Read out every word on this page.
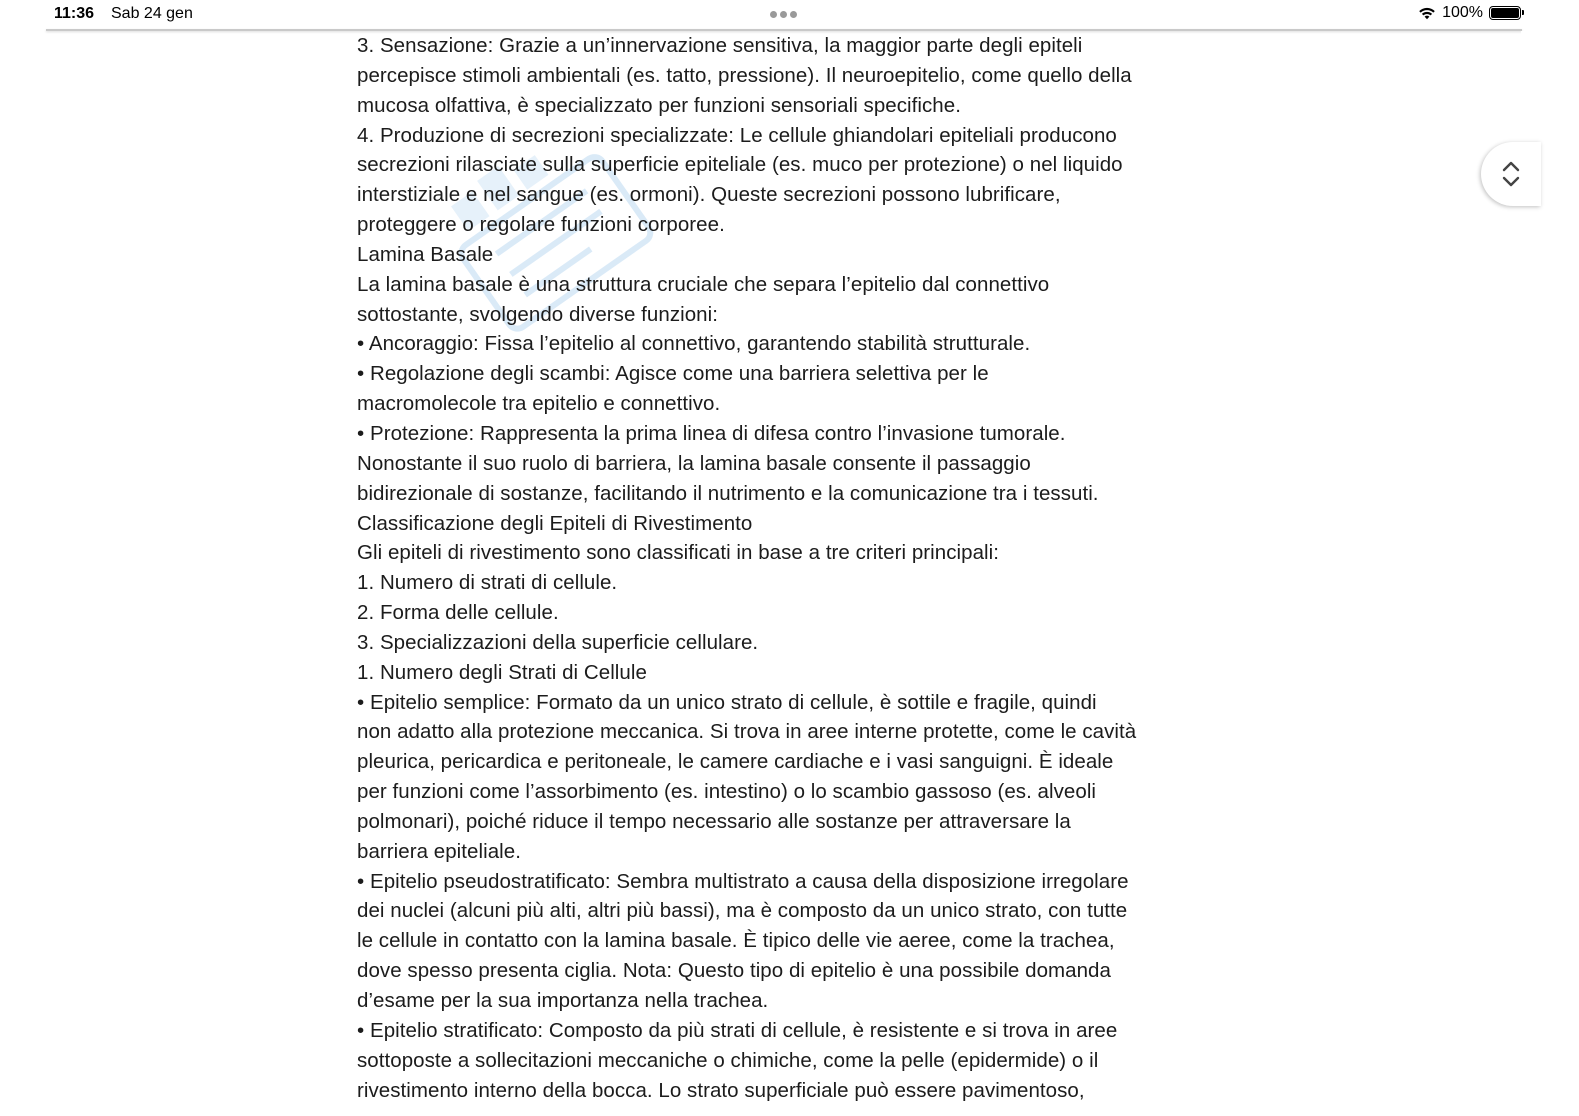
11:36 Sab 24 gen	100%

3. Sensazione: Grazie a un’innervazione sensitiva, la maggior parte degli epiteli

percepisce stimoli ambientali (es. tatto, pressione). Il neuroepitelio, come quello della

mucosa olfattiva, è specializzato per funzioni sensoriali specifiche.

4. Produzione di secrezioni specializzate: Le cellule ghiandolari epiteliali producono

secrezioni rilasciate sulla superficie epiteliale (es. muco per protezione) o nel liquido

interstiziale e nel sangue (es. ormoni). Queste secrezioni possono lubrificare,

proteggere o regolare funzioni corporee.

Lamina Basale

La lamina basale è una struttura cruciale che separa l’epitelio dal connettivo

sottostante, svolgendo diverse funzioni:

• Ancoraggio: Fissa l’epitelio al connettivo, garantendo stabilità strutturale.

• Regolazione degli scambi: Agisce come una barriera selettiva per le

macromolecole tra epitelio e connettivo.

• Protezione: Rappresenta la prima linea di difesa contro l’invasione tumorale.

Nonostante il suo ruolo di barriera, la lamina basale consente il passaggio

bidirezionale di sostanze, facilitando il nutrimento e la comunicazione tra i tessuti.

Classificazione degli Epiteli di Rivestimento

Gli epiteli di rivestimento sono classificati in base a tre criteri principali:

1. Numero di strati di cellule.

2. Forma delle cellule.

3. Specializzazioni della superficie cellulare.

1. Numero degli Strati di Cellule

• Epitelio semplice: Formato da un unico strato di cellule, è sottile e fragile, quindi

non adatto alla protezione meccanica. Si trova in aree interne protette, come le cavità

pleurica, pericardica e peritoneale, le camere cardiache e i vasi sanguigni. È ideale

per funzioni come l’assorbimento (es. intestino) o lo scambio gassoso (es. alveoli

polmonari), poiché riduce il tempo necessario alle sostanze per attraversare la

barriera epiteliale.

• Epitelio pseudostratificato: Sembra multistrato a causa della disposizione irregolare

dei nuclei (alcuni più alti, altri più bassi), ma è composto da un unico strato, con tutte

le cellule in contatto con la lamina basale. È tipico delle vie aeree, come la trachea,

dove spesso presenta ciglia. Nota: Questo tipo di epitelio è una possibile domanda

d’esame per la sua importanza nella trachea.

• Epitelio stratificato: Composto da più strati di cellule, è resistente e si trova in aree

sottoposte a sollecitazioni meccaniche o chimiche, come la pelle (epidermide) o il

rivestimento interno della bocca. Lo strato superficiale può essere pavimentoso,
